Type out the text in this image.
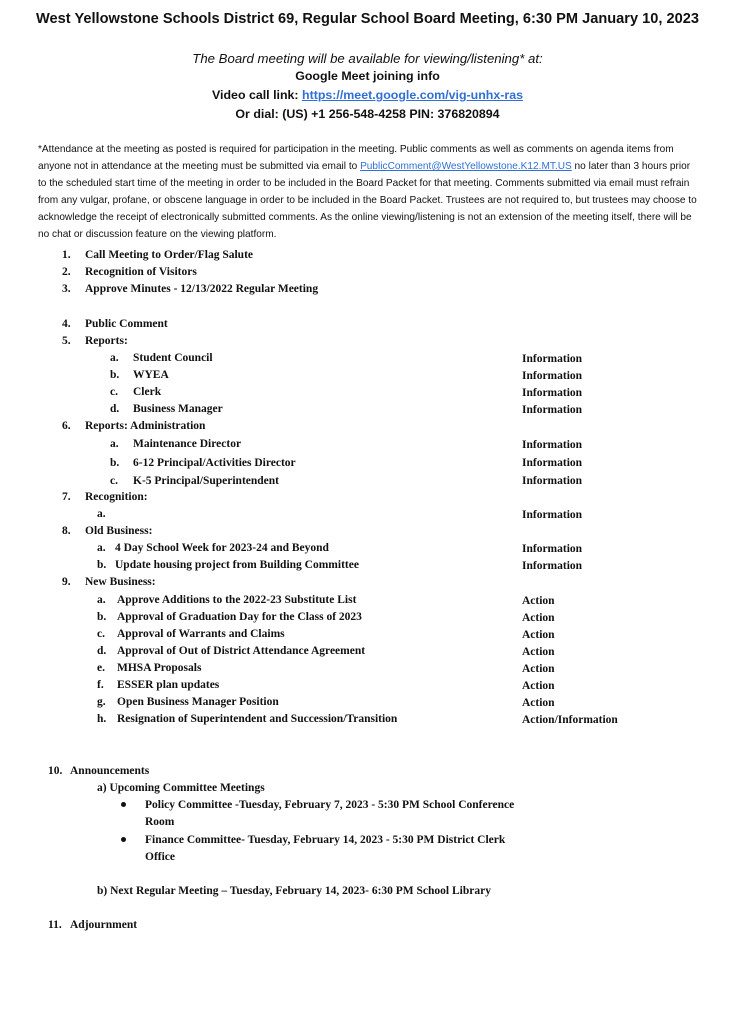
West Yellowstone Schools District 69, Regular School Board Meeting, 6:30 PM January 10, 2023
The Board meeting will be available for viewing/listening* at:
Google Meet joining info
Video call link: https://meet.google.com/vig-unhx-ras
Or dial: (US) +1 256-548-4258 PIN: 376820894

*Attendance at the meeting as posted is required for participation in the meeting. Public comments as well as comments on agenda items from anyone not in attendance at the meeting must be submitted via email to PublicComment@WestYellowstone.K12.MT.US no later than 3 hours prior to the scheduled start time of the meeting in order to be included in the Board Packet for that meeting. Comments submitted via email must refrain from any vulgar, profane, or obscene language in order to be included in the Board Packet. Trustees are not required to, but trustees may choose to acknowledge the receipt of electronically submitted comments. As the online viewing/listening is not an extension of the meeting itself, there will be no chat or discussion feature on the viewing platform.

1. Call Meeting to Order/Flag Salute
2. Recognition of Visitors
3. Approve Minutes - 12/13/2022 Regular Meeting
4. Public Comment
5. Reports:
a. Student Council	Information
b. WYEA	Information
c. Clerk	Information
d. Business Manager	Information
6. Reports: Administration
a. Maintenance Director	Information
b. 6-12 Principal/Activities Director	Information
c. K-5 Principal/Superintendent	Information
7. Recognition:
a.	Information
8. Old Business:
a. 4 Day School Week for 2023-24 and Beyond	Information
b. Update housing project from Building Committee	Information
9. New Business:
a. Approve Additions to the 2022-23 Substitute List	Action
b. Approval of Graduation Day for the Class of 2023	Action
c. Approval of Warrants and Claims	Action
d. Approval of Out of District Attendance Agreement	Action
e. MHSA Proposals	Action
f. ESSER plan updates	Action
g. Open Business Manager Position	Action
h. Resignation of Superintendent and Succession/Transition	Action/Information
10. Announcements
a) Upcoming Committee Meetings
Policy Committee -Tuesday, February 7, 2023 - 5:30 PM School Conference
Room
Finance Committee- Tuesday, February 14, 2023 - 5:30 PM District Clerk
Office
b) Next Regular Meeting – Tuesday, February 14, 2023- 6:30 PM School Library
11. Adjournment
